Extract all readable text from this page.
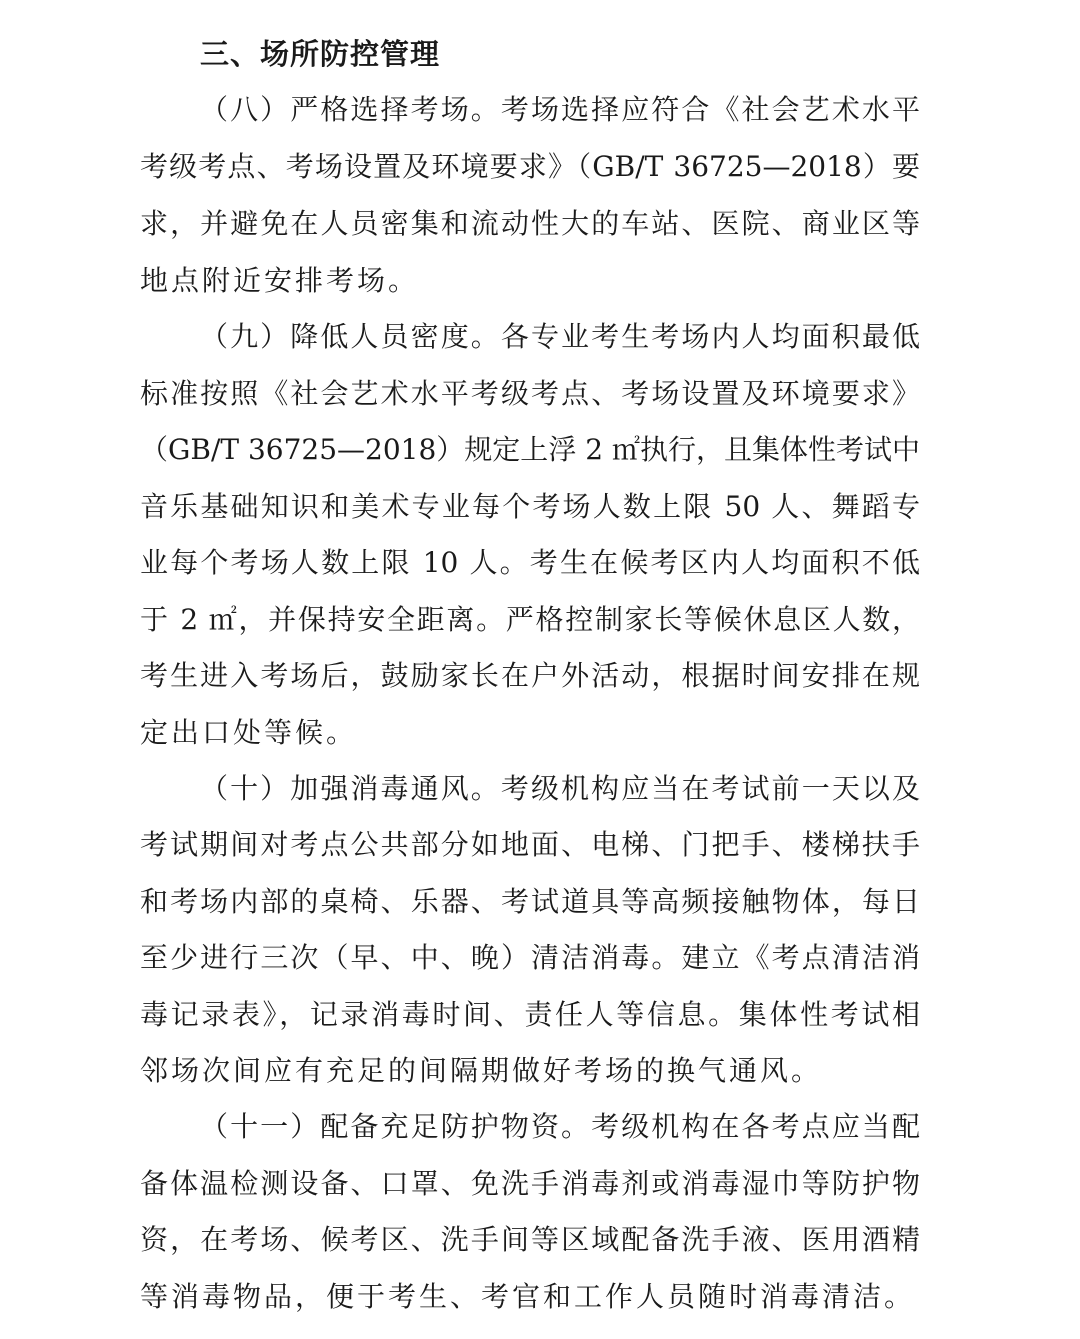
三、场所防控管理
（八）严格选择考场。考场选择应符合《社会艺术水平
考级考点、考场设置及环境要求》（GB/T 36725—2018）要
求，并避免在人员密集和流动性大的车站、医院、商业区等
地点附近安排考场。
（九）降低人员密度。各专业考生考场内人均面积最低
标准按照《社会艺术水平考级考点、考场设置及环境要求》
（GB/T 36725—2018）规定上浮 2 ㎡执行，且集体性考试中
音乐基础知识和美术专业每个考场人数上限 50 人、舞蹈专
业每个考场人数上限 10 人。考生在候考区内人均面积不低
于 2 ㎡，并保持安全距离。严格控制家长等候休息区人数，
考生进入考场后，鼓励家长在户外活动，根据时间安排在规
定出口处等候。
（十）加强消毒通风。考级机构应当在考试前一天以及
考试期间对考点公共部分如地面、电梯、门把手、楼梯扶手
和考场内部的桌椅、乐器、考试道具等高频接触物体，每日
至少进行三次（早、中、晚）清洁消毒。建立《考点清洁消
毒记录表》，记录消毒时间、责任人等信息。集体性考试相
邻场次间应有充足的间隔期做好考场的换气通风。
（十一）配备充足防护物资。考级机构在各考点应当配
备体温检测设备、口罩、免洗手消毒剂或消毒湿巾等防护物
资，在考场、候考区、洗手间等区域配备洗手液、医用酒精
等消毒物品，便于考生、考官和工作人员随时消毒清洁。
